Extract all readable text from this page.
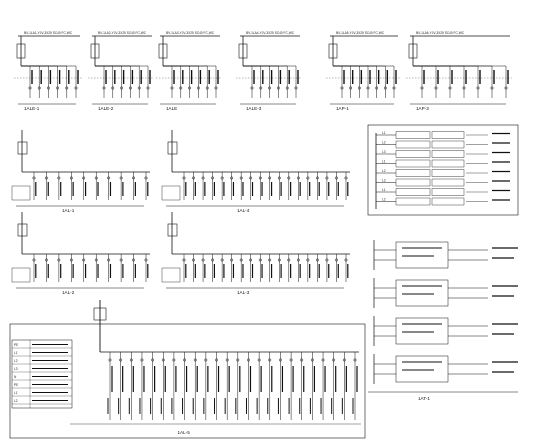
BV-1LA1-YJV-3X25 SC40 FC,WC
1ALE-1
BV-1LA2-YJV-3X25 SC40 FC,WC
1ALE-2
BV-1LA3-YJV-3X25 SC40 FC,WC
1ALE
BV-1LA4-YJV-3X25 SC40 FC,WC
1ALE-3
BV-1LA5-YJV-3X25 SC40 FC,WC
1AP-1
BV-1LA6-YJV-3X25 SC40 FC,WC
1AP-3
1AL-1	1AL-4
1AL-2	1AL-3
L1
L2
L3
L1
L2
L3
L1
L2
1AT-1
PE
L1
L2
L3
N
PE
L1
L2
1AL-5
